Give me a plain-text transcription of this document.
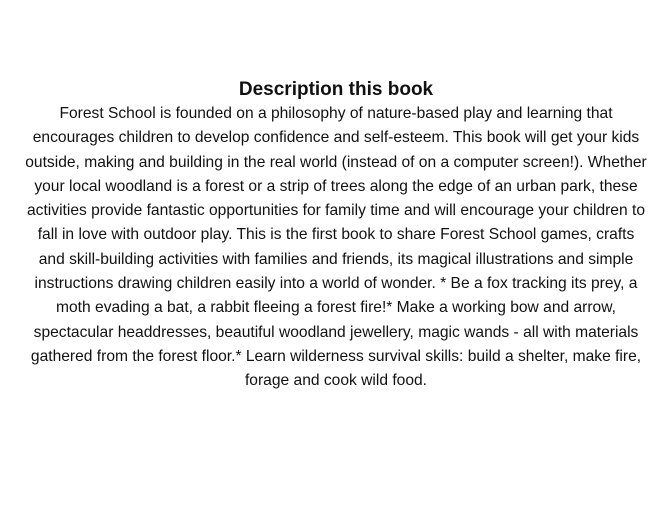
Description this book

Forest School is founded on a philosophy of nature-based play and learning that encourages children to develop confidence and self-esteem. This book will get your kids outside, making and building in the real world (instead of on a computer screen!). Whether your local woodland is a forest or a strip of trees along the edge of an urban park, these activities provide fantastic opportunities for family time and will encourage your children to fall in love with outdoor play. This is the first book to share Forest School games, crafts and skill-building activities with families and friends, its magical illustrations and simple instructions drawing children easily into a world of wonder. * Be a fox tracking its prey, a moth evading a bat, a rabbit fleeing a forest fire!* Make a working bow and arrow, spectacular headdresses, beautiful woodland jewellery, magic wands - all with materials gathered from the forest floor.* Learn wilderness survival skills: build a shelter, make fire, forage and cook wild food.
